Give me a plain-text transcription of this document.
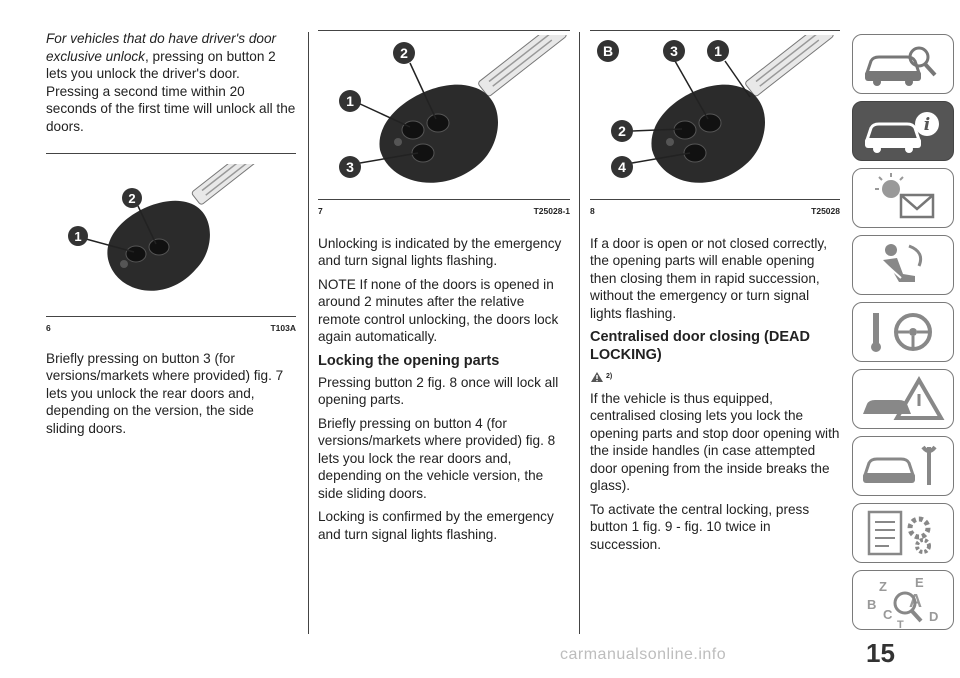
For vehicles that do have driver's door exclusive unlock, pressing on button 2 lets you unlock the driver's door. Pressing a second time within 20 seconds of the first time will unlock all the doors.

1
2
6	T103A

Briefly pressing on button 3 (for versions/markets where provided) fig. 7 lets you unlock the rear doors and, depending on the version, the side sliding doors.

1
2
3
7	T25028-1

Unlocking is indicated by the emergency and turn signal lights flashing.

NOTE If none of the doors is opened in around 2 minutes after the relative remote control unlocking, the doors lock again automatically.

Locking the opening parts

Pressing button 2 fig. 8 once will lock all opening parts.

Briefly pressing on button 4 (for versions/markets where provided) fig. 8 lets you lock the rear doors and, depending on the vehicle version, the side sliding doors.

Locking is confirmed by the emergency and turn signal lights flashing.

B	3	1
2
4
8	T25028

If a door is open or not closed correctly, the opening parts will enable opening then closing them in rapid succession, without the emergency or turn signal lights flashing.

Centralised door closing (DEAD LOCKING)
2)

If the vehicle is thus equipped, centralised closing lets you lock the opening parts and stop door opening with the inside handles (in case attempted door opening from the inside breaks the glass).

To activate the central locking, press button 1 fig. 9 - fig. 10 twice in succession.

i
Z E
B A
C	D
T
15
carmanualsonline.info
